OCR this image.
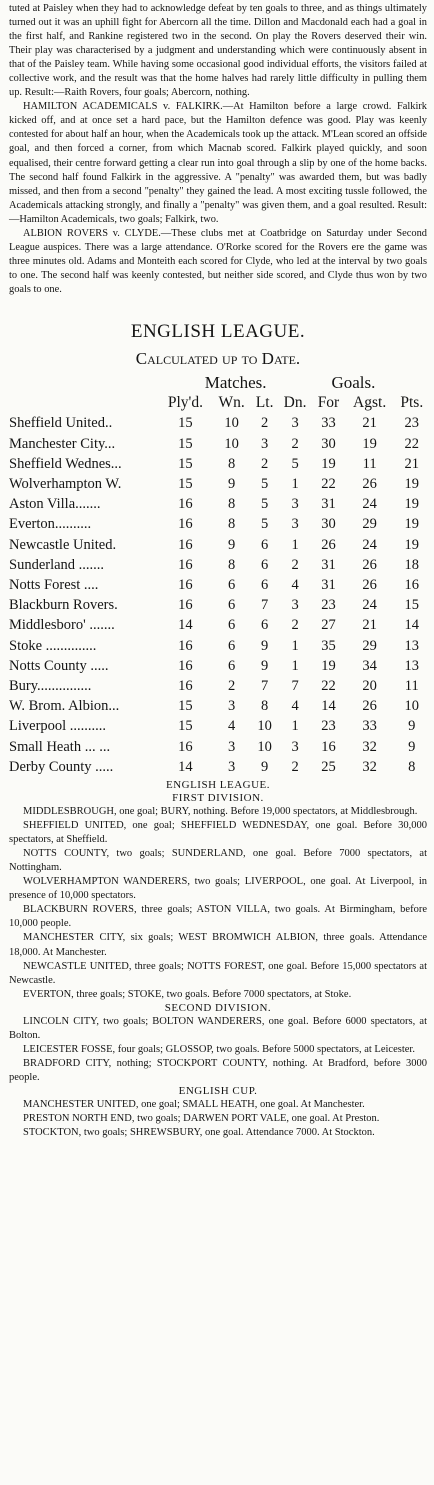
tuted at Paisley when they had to acknowledge defeat by ten goals to three, and as things ultimately turned out it was an uphill fight for Abercorn all the time. Dillon and Macdonald each had a goal in the first half, and Rankine registered two in the second. On play the Rovers deserved their win. Their play was characterised by a judgment and understanding which were continuously absent in that of the Paisley team. While having some occasional good individual efforts, the visitors failed at collective work, and the result was that the home halves had rarely little difficulty in pulling them up. Result:—Raith Rovers, four goals; Abercorn, nothing.

HAMILTON ACADEMICALS v. FALKIRK.—At Hamilton before a large crowd. Falkirk kicked off, and at once set a hard pace, but the Hamilton defence was good. Play was keenly contested for about half an hour, when the Academicals took up the attack. M'Lean scored an offside goal, and then forced a corner, from which Macnab scored. Falkirk played quickly, and soon equalised, their centre forward getting a clear run into goal through a slip by one of the home backs. The second half found Falkirk in the aggressive. A "penalty" was awarded them, but was badly missed, and then from a second "penalty" they gained the lead. A most exciting tussle followed, the Academicals attacking strongly, and finally a "penalty" was given them, and a goal resulted. Result:—Hamilton Academicals, two goals; Falkirk, two.

ALBION ROVERS v. CLYDE.—These clubs met at Coatbridge on Saturday under Second League auspices. There was a large attendance. O'Rorke scored for the Rovers ere the game was three minutes old. Adams and Monteith each scored for Clyde, who led at the interval by two goals to one. The second half was keenly contested, but neither side scored, and Clyde thus won by two goals to one.

ENGLISH LEAGUE.
Calculated up to Date.
	Matches.				Goals.		
	Ply'd.	Wn.	Lt.	Dn.	For	Agst.	Pts.
Sheffield United..	15	10	2	3	33	21	23
Manchester City...	15	10	3	2	30	19	22
Sheffield Wednes...	15	8	2	5	19	11	21
Wolverhampton W.	15	9	5	1	22	26	19
Aston Villa.......	16	8	5	3	31	24	19
Everton..........	16	8	5	3	30	29	19
Newcastle United.	16	9	6	1	26	24	19
Sunderland .......	16	8	6	2	31	26	18
Notts Forest ....	16	6	6	4	31	26	16
Blackburn Rovers.	16	6	7	3	23	24	15
Middlesboro' .......	14	6	6	2	27	21	14
Stoke ..............	16	6	9	1	35	29	13
Notts County .....	16	6	9	1	19	34	13
Bury...............	16	2	7	7	22	20	11
W. Brom. Albion...	15	3	8	4	14	26	10
Liverpool ..........	15	4	10	1	23	33	9
Small Heath ... ...	16	3	10	3	16	32	9
Derby County .....	14	3	9	2	25	32	8

ENGLISH LEAGUE.

FIRST DIVISION.

MIDDLESBROUGH, one goal; BURY, nothing. Before 19,000 spectators, at Middlesbrough.

SHEFFIELD UNITED, one goal; SHEFFIELD WEDNESDAY, one goal. Before 30,000 spectators, at Sheffield.

NOTTS COUNTY, two goals; SUNDERLAND, one goal. Before 7000 spectators, at Nottingham.

WOLVERHAMPTON WANDERERS, two goals; LIVERPOOL, one goal. At Liverpool, in presence of 10,000 spectators.

BLACKBURN ROVERS, three goals; ASTON VILLA, two goals. At Birmingham, before 10,000 people.

MANCHESTER CITY, six goals; WEST BROMWICH ALBION, three goals. Attendance 18,000. At Manchester.

NEWCASTLE UNITED, three goals; NOTTS FOREST, one goal. Before 15,000 spectators at Newcastle.

EVERTON, three goals; STOKE, two goals. Before 7000 spectators, at Stoke.

SECOND DIVISION.

LINCOLN CITY, two goals; BOLTON WANDERERS, one goal. Before 6000 spectators, at Bolton.

LEICESTER FOSSE, four goals; GLOSSOP, two goals. Before 5000 spectators, at Leicester.

BRADFORD CITY, nothing; STOCKPORT COUNTY, nothing. At Bradford, before 3000 people.

ENGLISH CUP.

MANCHESTER UNITED, one goal; SMALL HEATH, one goal. At Manchester.

PRESTON NORTH END, two goals; DARWEN PORT VALE, one goal. At Preston.

STOCKTON, two goals; SHREWSBURY, one goal. Attendance 7000. At Stockton.
